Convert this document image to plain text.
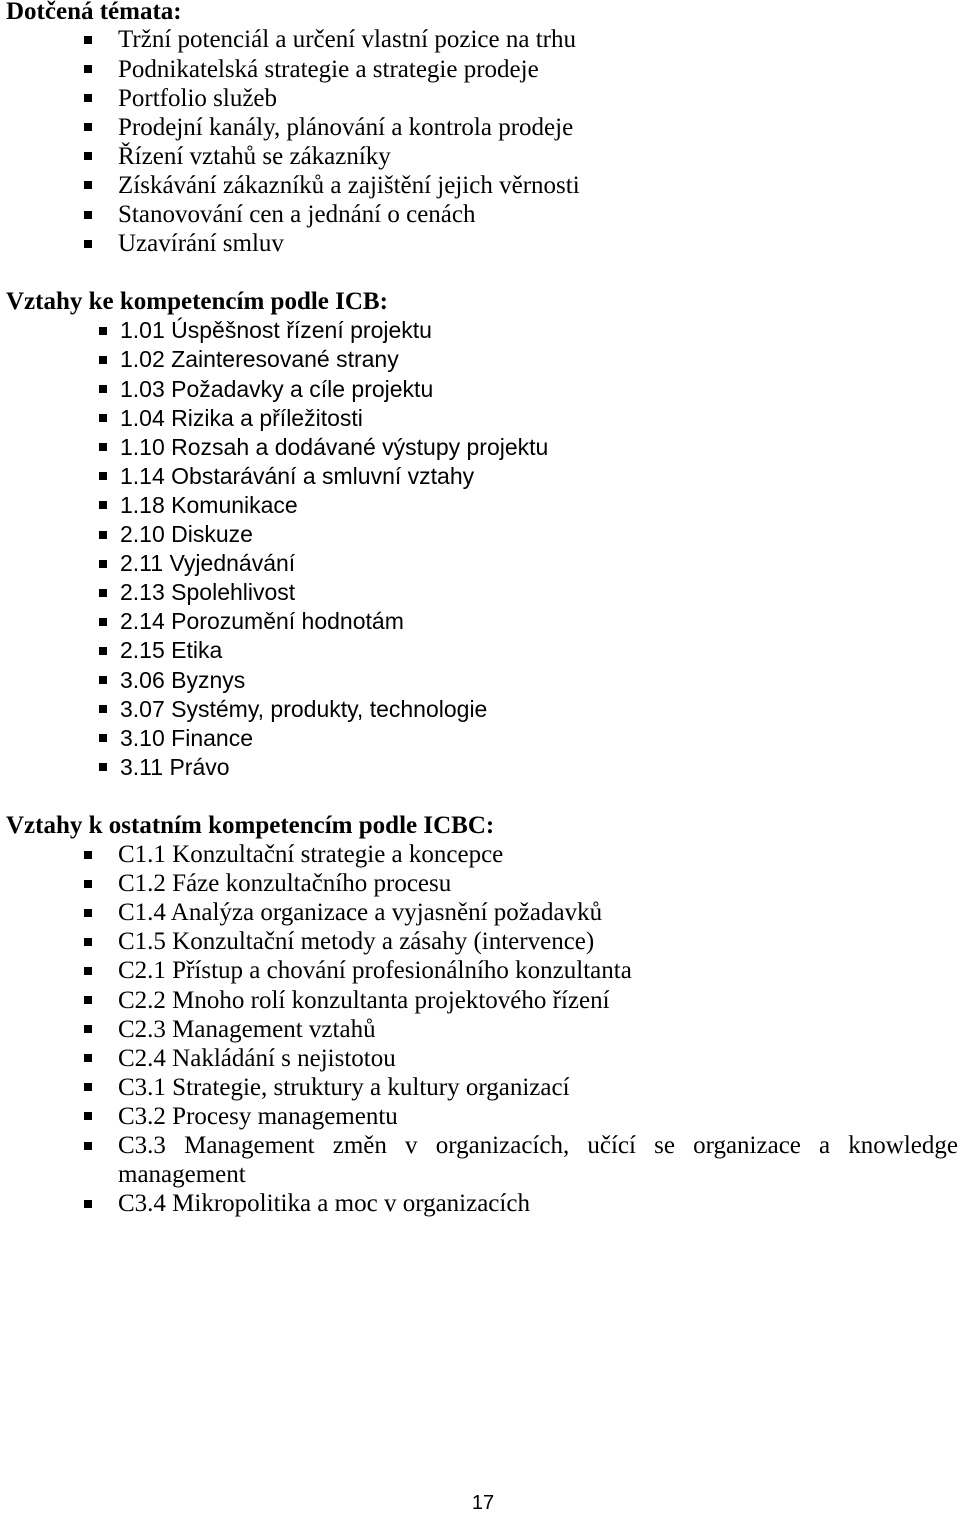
Dotčená témata:
Tržní potenciál a určení vlastní pozice na trhu
Podnikatelská strategie a strategie prodeje
Portfolio služeb
Prodejní kanály, plánování a kontrola prodeje
Řízení vztahů se zákazníky
Získávání zákazníků a zajištění jejich věrnosti
Stanovování cen a jednání o cenách
Uzavírání smluv
Vztahy ke kompetencím podle ICB:
1.01 Úspěšnost řízení projektu
1.02 Zainteresované strany
1.03 Požadavky a cíle projektu
1.04 Rizika a příležitosti
1.10 Rozsah a dodávané výstupy projektu
1.14 Obstarávání a smluvní vztahy
1.18 Komunikace
2.10 Diskuze
2.11 Vyjednávání
2.13 Spolehlivost
2.14 Porozumění hodnotám
2.15 Etika
3.06 Byznys
3.07 Systémy, produkty, technologie
3.10 Finance
3.11 Právo
Vztahy k ostatním kompetencím podle ICBC:
C1.1 Konzultační strategie a koncepce
C1.2 Fáze konzultačního procesu
C1.4 Analýza organizace a vyjasnění požadavků
C1.5 Konzultační metody a zásahy (intervence)
C2.1 Přístup a chování profesionálního konzultanta
C2.2 Mnoho rolí konzultanta projektového řízení
C2.3 Management vztahů
C2.4 Nakládání s nejistotou
C3.1 Strategie, struktury a kultury organizací
C3.2 Procesy managementu
C3.3 Management změn v organizacích, učící se organizace a knowledge management
C3.4 Mikropolitika a moc v organizacích
17
